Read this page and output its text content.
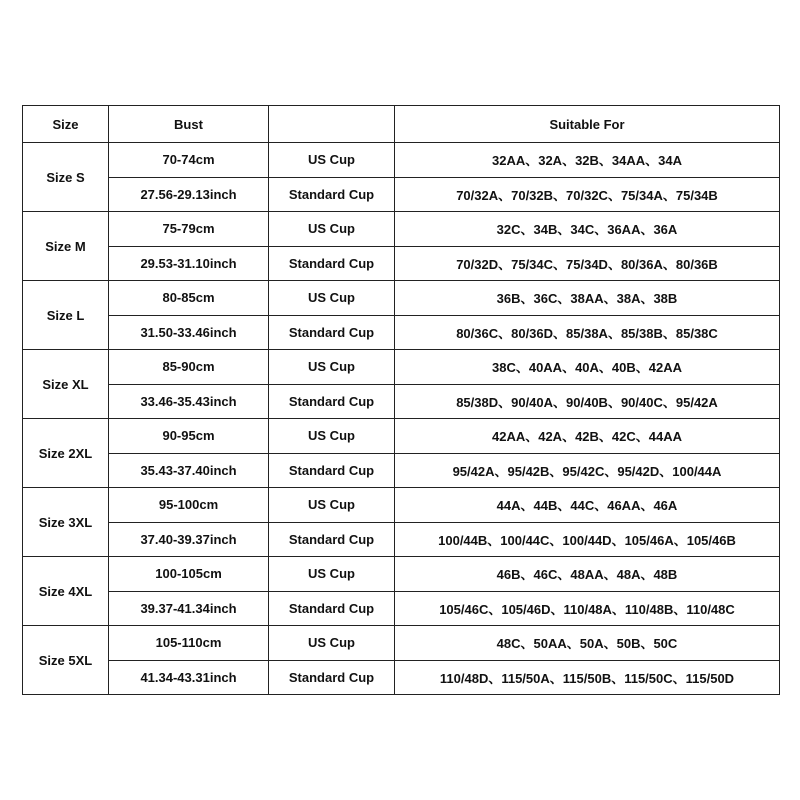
Size	Bust		Suitable For
Size S	70-74cm	US Cup	32AA、32A、32B、34AA、34A
	27.56-29.13inch	Standard Cup	70/32A、70/32B、70/32C、75/34A、75/34B
Size M	75-79cm	US Cup	32C、34B、34C、36AA、36A
	29.53-31.10inch	Standard Cup	70/32D、75/34C、75/34D、80/36A、80/36B
Size L	80-85cm	US Cup	36B、36C、38AA、38A、38B
	31.50-33.46inch	Standard Cup	80/36C、80/36D、85/38A、85/38B、85/38C
Size XL	85-90cm	US Cup	38C、40AA、40A、40B、42AA
	33.46-35.43inch	Standard Cup	85/38D、90/40A、90/40B、90/40C、95/42A
Size 2XL	90-95cm	US Cup	42AA、42A、42B、42C、44AA
	35.43-37.40inch	Standard Cup	95/42A、95/42B、95/42C、95/42D、100/44A
Size 3XL	95-100cm	US Cup	44A、44B、44C、46AA、46A
	37.40-39.37inch	Standard Cup	100/44B、100/44C、100/44D、105/46A、105/46B
Size 4XL	100-105cm	US Cup	46B、46C、48AA、48A、48B
	39.37-41.34inch	Standard Cup	105/46C、105/46D、110/48A、110/48B、110/48C
Size 5XL	105-110cm	US Cup	48C、50AA、50A、50B、50C
	41.34-43.31inch	Standard Cup	110/48D、115/50A、115/50B、115/50C、115/50D
